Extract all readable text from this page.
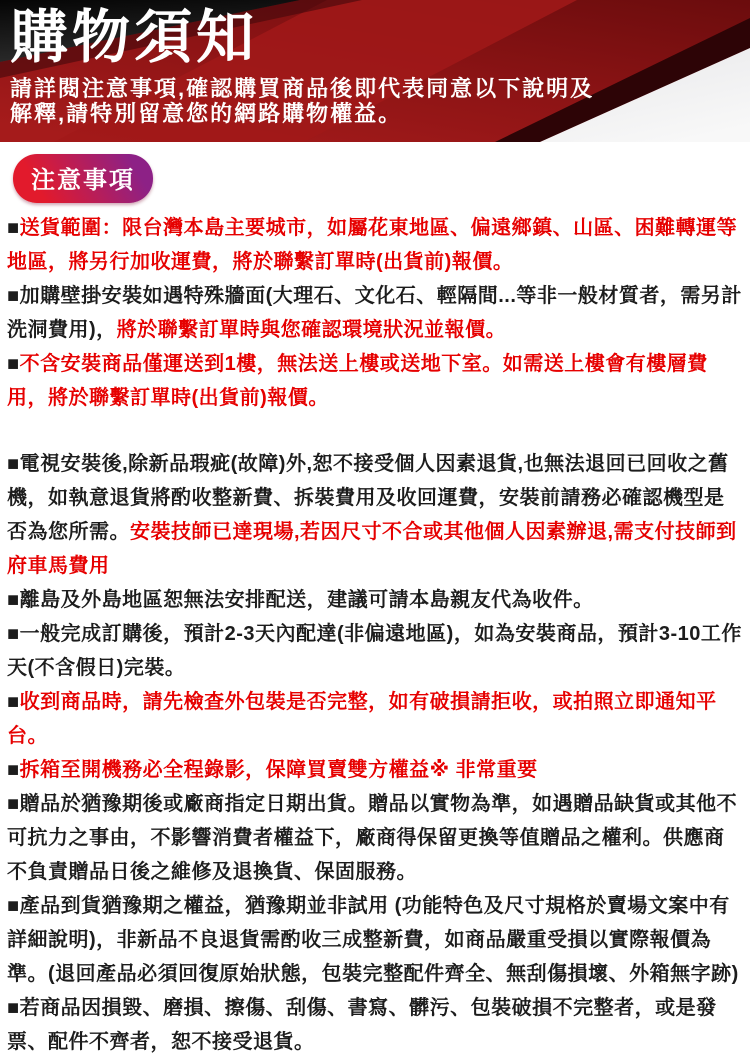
購物須知

請詳閱注意事項,確認購買商品後即代表同意以下說明及
解釋,請特別留意您的網路購物權益。

注意事項

■送貨範圍：限台灣本島主要城市，如屬花東地區、偏遠鄉鎮、山區、困難轉運等地區，將另行加收運費，將於聯繫訂單時(出貨前)報價。

■加購壁掛安裝如遇特殊牆面(大理石、文化石、輕隔間...等非一般材質者，需另計洗洞費用)，將於聯繫訂單時與您確認環境狀況並報價。

■不含安裝商品僅運送到1樓，無法送上樓或送地下室。如需送上樓會有樓層費用，將於聯繫訂單時(出貨前)報價。

■電視安裝後,除新品瑕疵(故障)外,恕不接受個人因素退貨,也無法退回已回收之舊機，如執意退貨將酌收整新費、拆裝費用及收回運費，安裝前請務必確認機型是否為您所需。安裝技師已達現場,若因尺寸不合或其他個人因素辦退,需支付技師到府車馬費用

■離島及外島地區恕無法安排配送，建議可請本島親友代為收件。

■一般完成訂購後，預計2-3天內配達(非偏遠地區)，如為安裝商品，預計3-10工作天(不含假日)完裝。

■收到商品時，請先檢查外包裝是否完整，如有破損請拒收，或拍照立即通知平台。

■拆箱至開機務必全程錄影，保障買賣雙方權益※ 非常重要

■贈品於猶豫期後或廠商指定日期出貨。贈品以實物為準，如遇贈品缺貨或其他不可抗力之事由，不影響消費者權益下，廠商得保留更換等值贈品之權利。供應商不負責贈品日後之維修及退換貨、保固服務。

■產品到貨猶豫期之權益，猶豫期並非試用 (功能特色及尺寸規格於賣場文案中有詳細說明)，非新品不良退貨需酌收三成整新費，如商品嚴重受損以實際報價為準。(退回產品必須回復原始狀態，包裝完整配件齊全、無刮傷損壞、外箱無字跡)

■若商品因損毀、磨損、擦傷、刮傷、書寫、髒污、包裝破損不完整者，或是發票、配件不齊者，恕不接受退貨。
